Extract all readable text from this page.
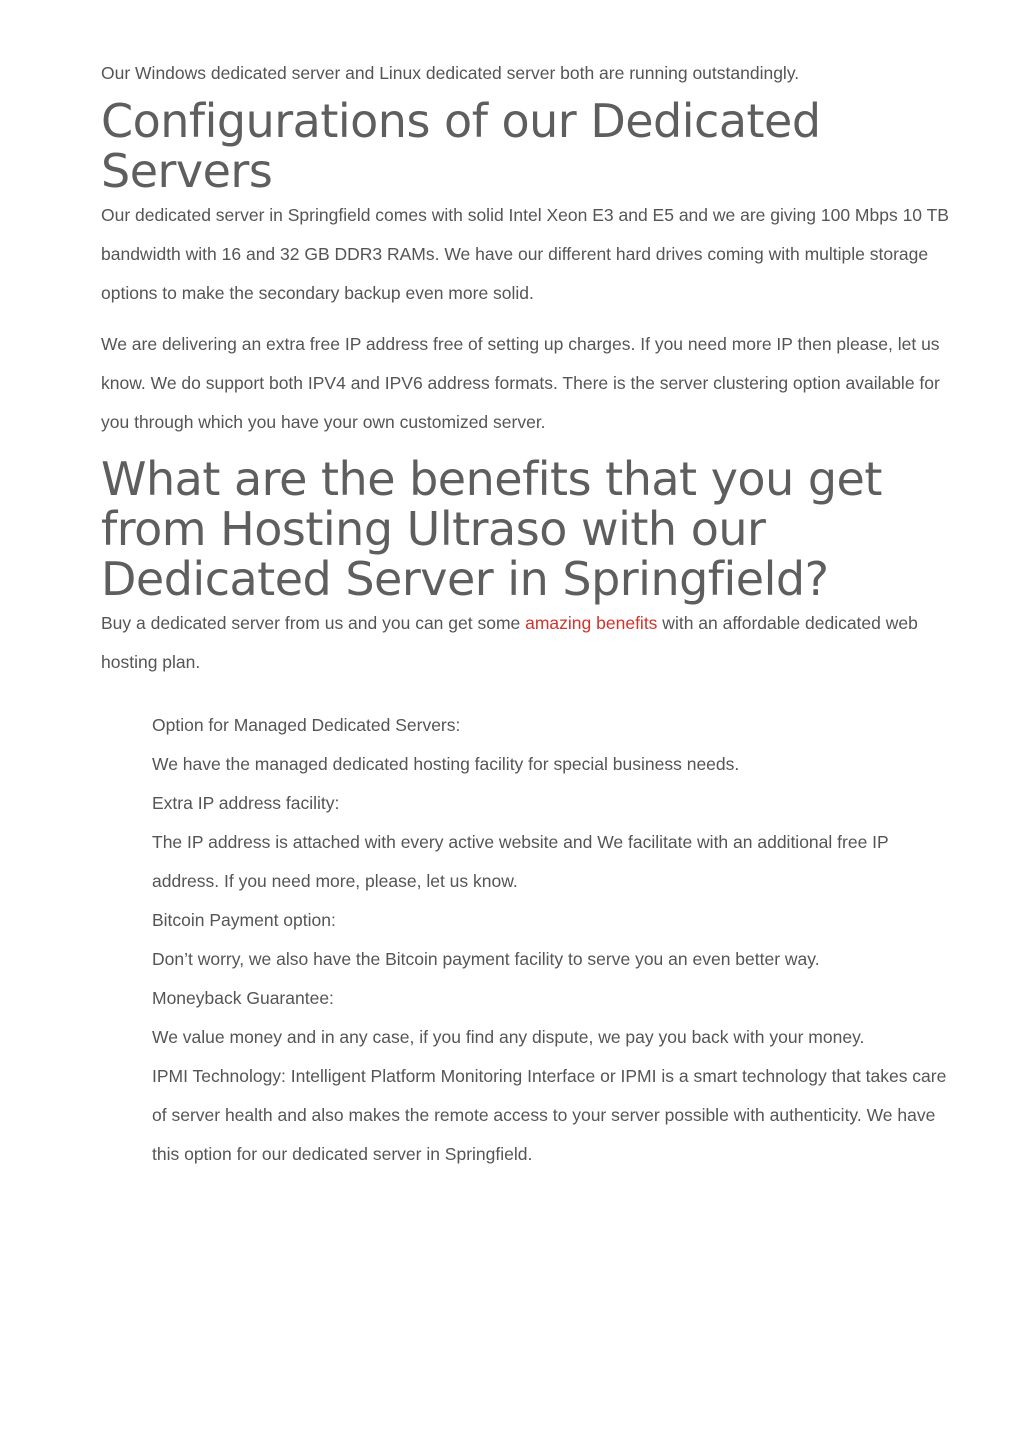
Our Windows dedicated server and Linux dedicated server both are running outstandingly.

Configurations of our Dedicated Servers

Our dedicated server in Springfield comes with solid Intel Xeon E3 and E5 and we are giving 100 Mbps 10 TB bandwidth with 16 and 32 GB DDR3 RAMs. We have our different hard drives coming with multiple storage options to make the secondary backup even more solid.

We are delivering an extra free IP address free of setting up charges. If you need more IP then please, let us know. We do support both IPV4 and IPV6 address formats. There is the server clustering option available for you through which you have your own customized server.

What are the benefits that you get from Hosting Ultraso with our Dedicated Server in Springfield?

Buy a dedicated server from us and you can get some amazing benefits with an affordable dedicated web hosting plan.

Option for Managed Dedicated Servers:
We have the managed dedicated hosting facility for special business needs.
Extra IP address facility:
The IP address is attached with every active website and We facilitate with an additional free IP address. If you need more, please, let us know.
Bitcoin Payment option:
Don’t worry, we also have the Bitcoin payment facility to serve you an even better way.
Moneyback Guarantee:
We value money and in any case, if you find any dispute, we pay you back with your money.
IPMI Technology: Intelligent Platform Monitoring Interface or IPMI is a smart technology that takes care of server health and also makes the remote access to your server possible with authenticity. We have this option for our dedicated server in Springfield.
